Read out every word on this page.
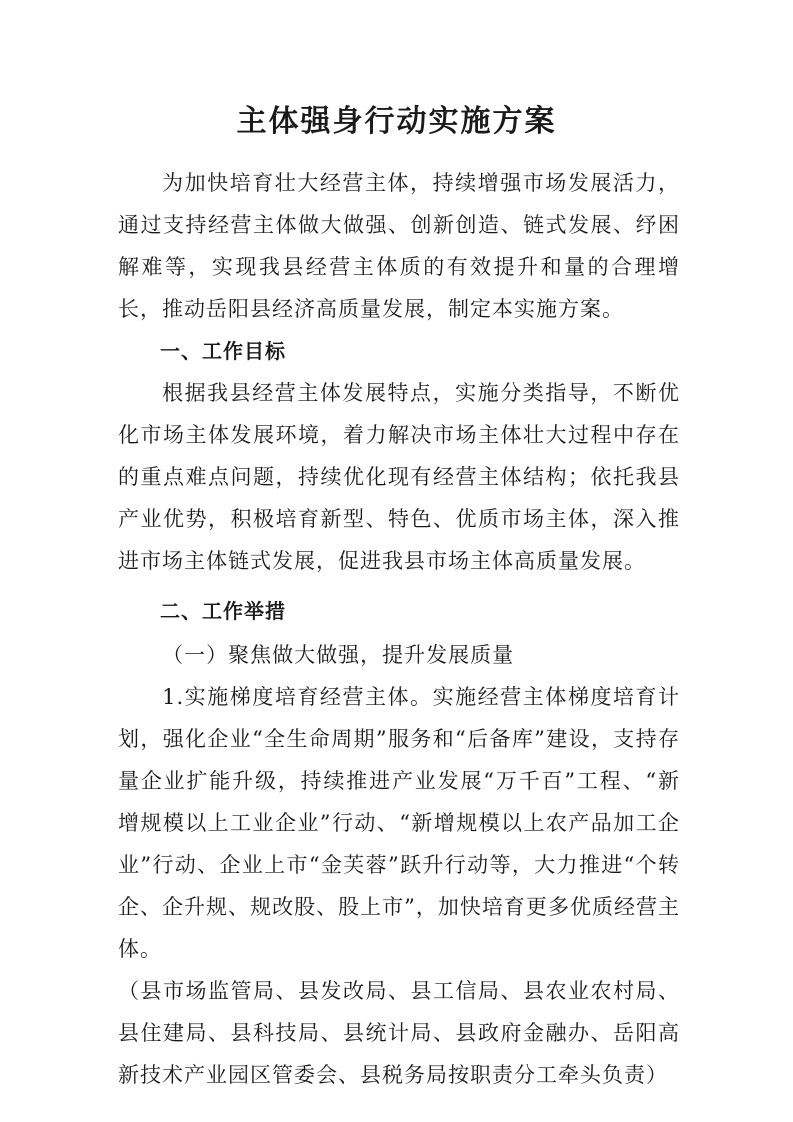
主体强身行动实施方案

为加快培育壮大经营主体，持续增强市场发展活力，通过支持经营主体做大做强、创新创造、链式发展、纾困解难等，实现我县经营主体质的有效提升和量的合理增长，推动岳阳县经济高质量发展，制定本实施方案。

一、工作目标

根据我县经营主体发展特点，实施分类指导，不断优化市场主体发展环境，着力解决市场主体壮大过程中存在的重点难点问题，持续优化现有经营主体结构；依托我县产业优势，积极培育新型、特色、优质市场主体，深入推进市场主体链式发展，促进我县市场主体高质量发展。

二、工作举措

（一）聚焦做大做强，提升发展质量

1.实施梯度培育经营主体。实施经营主体梯度培育计划，强化企业“全生命周期”服务和“后备库”建设，支持存量企业扩能升级，持续推进产业发展“万千百”工程、“新增规模以上工业企业”行动、“新增规模以上农产品加工企业”行动、企业上市“金芙蓉”跃升行动等，大力推进“个转企、企升规、规改股、股上市”，加快培育更多优质经营主体。

（县市场监管局、县发改局、县工信局、县农业农村局、县住建局、县科技局、县统计局、县政府金融办、岳阳高新技术产业园区管委会、县税务局按职责分工牵头负责）
